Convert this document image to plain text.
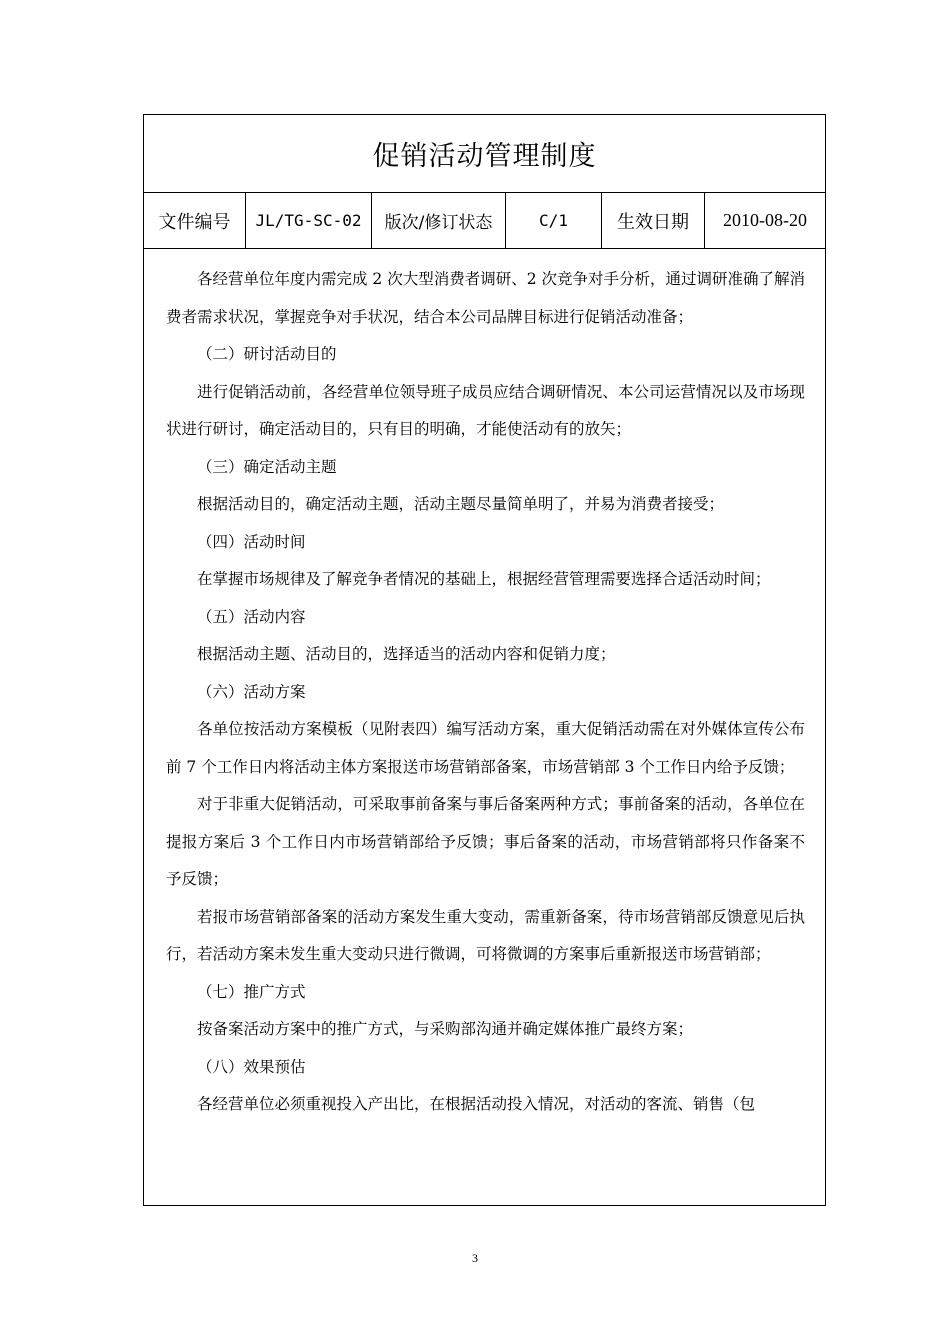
促销活动管理制度
文件编号	JL/TG-SC-02	版次/修订状态	C/1	生效日期	2010-08-20

各经营单位年度内需完成 2 次大型消费者调研、2 次竞争对手分析，通过调研准确了解消费者需求状况，掌握竞争对手状况，结合本公司品牌目标进行促销活动准备；

（二）研讨活动目的

进行促销活动前，各经营单位领导班子成员应结合调研情况、本公司运营情况以及市场现状进行研讨，确定活动目的，只有目的明确，才能使活动有的放矢；

（三）确定活动主题

根据活动目的，确定活动主题，活动主题尽量简单明了，并易为消费者接受；

（四）活动时间

在掌握市场规律及了解竞争者情况的基础上，根据经营管理需要选择合适活动时间；

（五）活动内容

根据活动主题、活动目的，选择适当的活动内容和促销力度；

（六）活动方案

各单位按活动方案模板（见附表四）编写活动方案，重大促销活动需在对外媒体宣传公布前 7 个工作日内将活动主体方案报送市场营销部备案，市场营销部 3 个工作日内给予反馈；

对于非重大促销活动，可采取事前备案与事后备案两种方式；事前备案的活动，各单位在提报方案后 3 个工作日内市场营销部给予反馈；事后备案的活动，市场营销部将只作备案不予反馈；

若报市场营销部备案的活动方案发生重大变动，需重新备案，待市场营销部反馈意见后执行，若活动方案未发生重大变动只进行微调，可将微调的方案事后重新报送市场营销部；

（七）推广方式

按备案活动方案中的推广方式，与采购部沟通并确定媒体推广最终方案；

（八）效果预估

各经营单位必须重视投入产出比，在根据活动投入情况，对活动的客流、销售（包

3
